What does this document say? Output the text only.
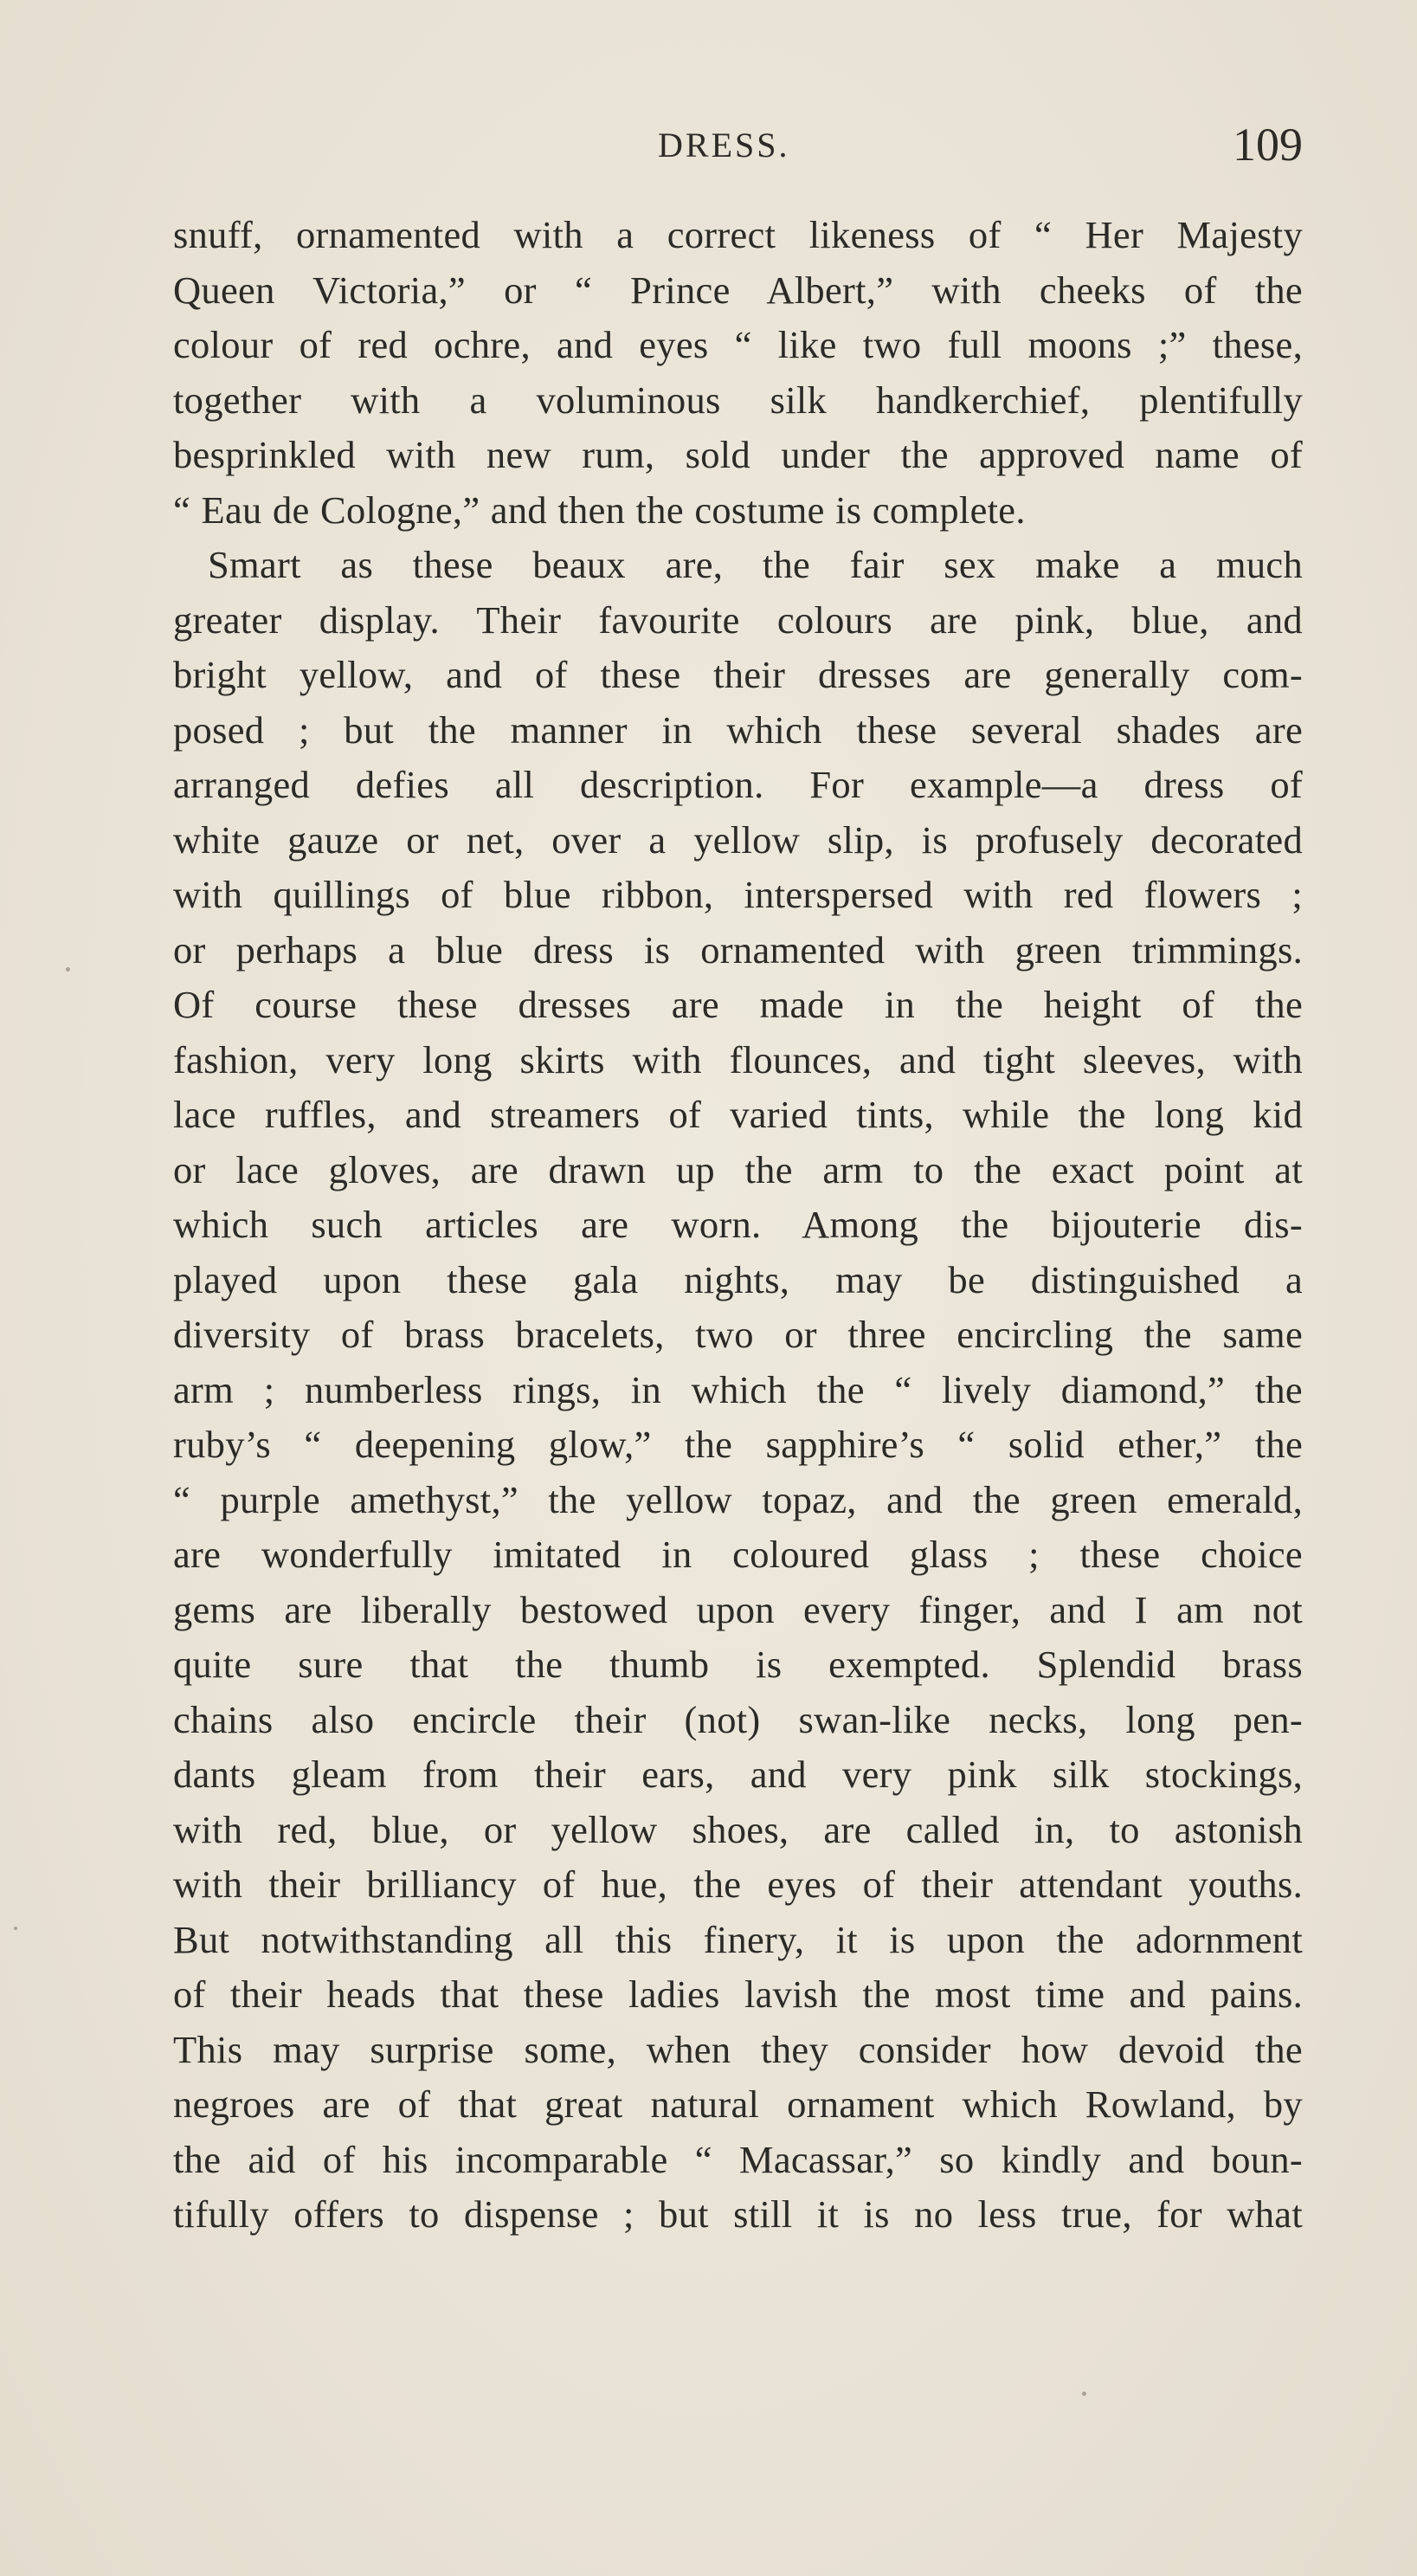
DRESS.	109
snuff, ornamented with a correct likeness of “ Her Majesty
Queen Victoria,” or “ Prince Albert,” with cheeks of the
colour of red ochre, and eyes “ like two full moons ;” these,
together with a voluminous silk handkerchief, plentifully
besprinkled with new rum, sold under the approved name of
“ Eau de Cologne,” and then the costume is complete.
Smart as these beaux are, the fair sex make a much
greater display. Their favourite colours are pink, blue, and
bright yellow, and of these their dresses are generally com-
posed ; but the manner in which these several shades are
arranged defies all description. For example—a dress of
white gauze or net, over a yellow slip, is profusely decorated
with quillings of blue ribbon, interspersed with red flowers ;
or perhaps a blue dress is ornamented with green trimmings.
Of course these dresses are made in the height of the
fashion, very long skirts with flounces, and tight sleeves, with
lace ruffles, and streamers of varied tints, while the long kid
or lace gloves, are drawn up the arm to the exact point at
which such articles are worn. Among the bijouterie dis-
played upon these gala nights, may be distinguished a
diversity of brass bracelets, two or three encircling the same
arm ; numberless rings, in which the “ lively diamond,” the
ruby’s “ deepening glow,” the sapphire’s “ solid ether,” the
“ purple amethyst,” the yellow topaz, and the green emerald,
are wonderfully imitated in coloured glass ; these choice
gems are liberally bestowed upon every finger, and I am not
quite sure that the thumb is exempted. Splendid brass
chains also encircle their (not) swan-like necks, long pen-
dants gleam from their ears, and very pink silk stockings,
with red, blue, or yellow shoes, are called in, to astonish
with their brilliancy of hue, the eyes of their attendant youths.
But notwithstanding all this finery, it is upon the adornment
of their heads that these ladies lavish the most time and pains.
This may surprise some, when they consider how devoid the
negroes are of that great natural ornament which Rowland, by
the aid of his incomparable “ Macassar,” so kindly and boun-
tifully offers to dispense ; but still it is no less true, for what
